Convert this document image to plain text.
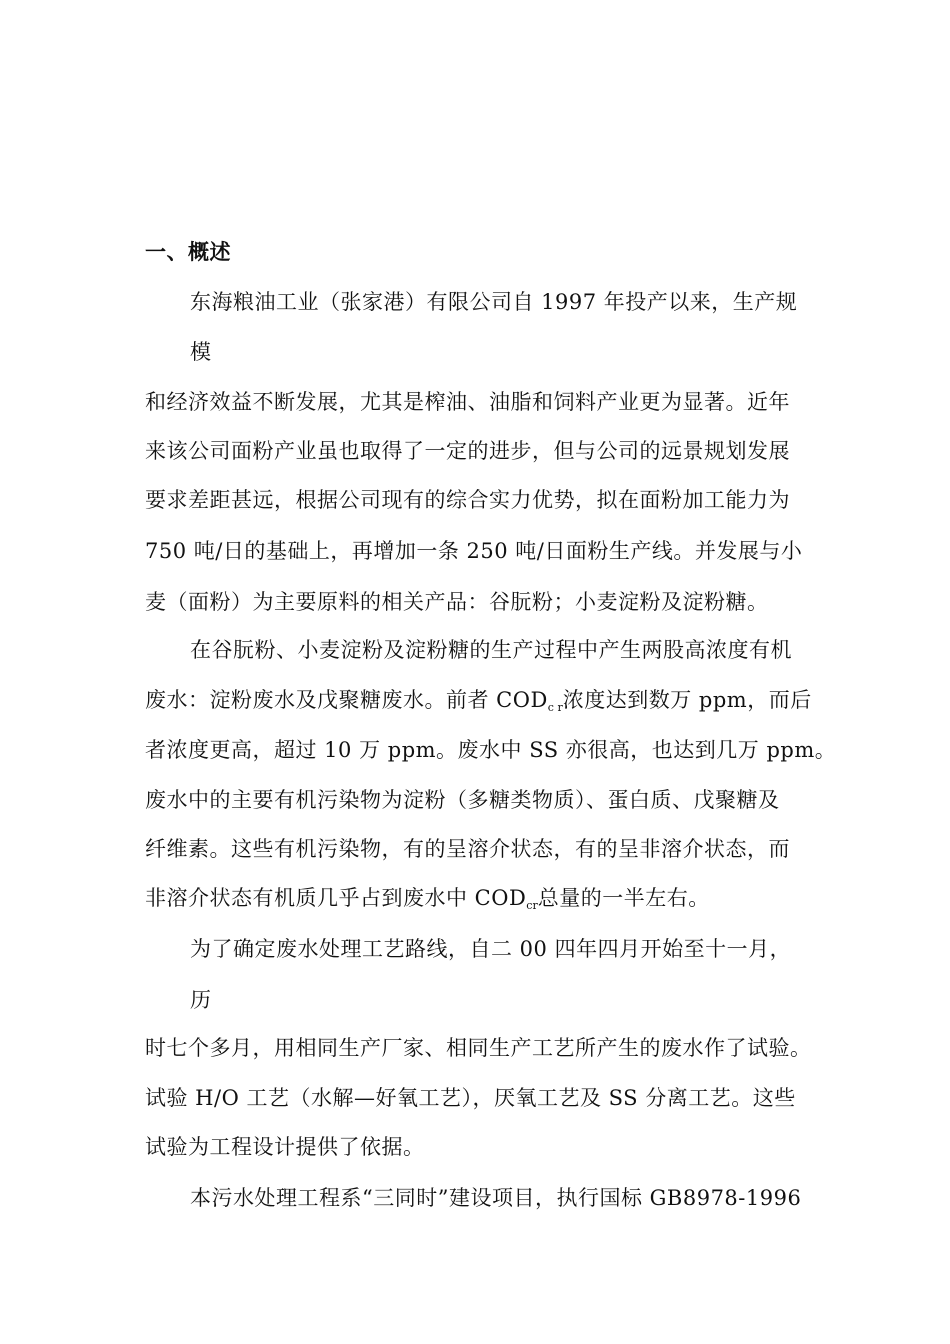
一、概述
东海粮油工业（张家港）有限公司自 1997 年投产以来，生产规
模
和经济效益不断发展，尤其是榨油、油脂和饲料产业更为显著。近年
来该公司面粉产业虽也取得了一定的进步，但与公司的远景规划发展
要求差距甚远，根据公司现有的综合实力优势，拟在面粉加工能力为
750 吨/日的基础上，再增加一条 250 吨/日面粉生产线。并发展与小
麦（面粉）为主要原料的相关产品：谷朊粉；小麦淀粉及淀粉糖。
在谷朊粉、小麦淀粉及淀粉糖的生产过程中产生两股高浓度有机
废水：淀粉废水及戊聚糖废水。前者 $COD_{c r}$浓度达到数万 ppm，而后
者浓度更高，超过 10 万 ppm。废水中 SS 亦很高，也达到几万 ppm。
废水中的主要有机污染物为淀粉（多糖类物质）、蛋白质、戊聚糖及
纤维素。这些有机污染物，有的呈溶介状态，有的呈非溶介状态，而
非溶介状态有机质几乎占到废水中 $COD_{cr}$总量的一半左右。
为了确定废水处理工艺路线，自二 00 四年四月开始至十一月，
历
时七个多月，用相同生产厂家、相同生产工艺所产生的废水作了试验。
试验 H/O 工艺（水解—好氧工艺），厌氧工艺及 SS 分离工艺。这些
试验为工程设计提供了依据。
本污水处理工程系“三同时”建设项目，执行国标 GB8978-1996
